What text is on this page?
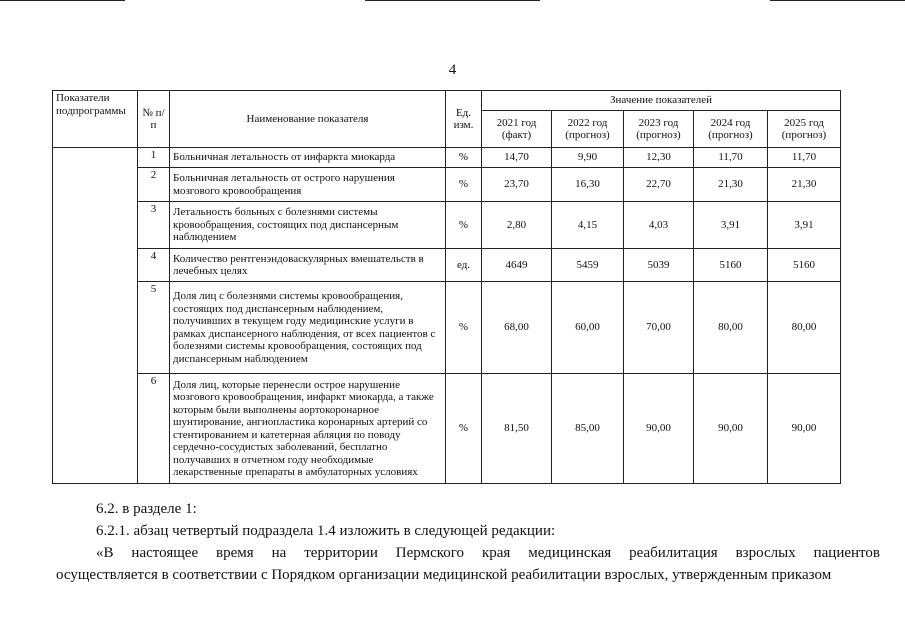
4
Показатели подпрограммы	№ п/п	Наименование показателя	Ед. изм.	Значение показателей				
				2021 год (факт)	2022 год (прогноз)	2023 год (прогноз)	2024 год (прогноз)	2025 год (прогноз)
	1	Больничная летальность от инфаркта миокарда	%	14,70	9,90	12,30	11,70	11,70
	2	Больничная летальность от острого нарушения мозгового кровообращения	%	23,70	16,30	22,70	21,30	21,30
	3	Летальность больных с болезнями системы кровообращения, состоящих под диспансерным наблюдением	%	2,80	4,15	4,03	3,91	3,91
	4	Количество рентгенэндоваскулярных вмешательств в лечебных целях	ед.	4649	5459	5039	5160	5160
	5	Доля лиц с болезнями системы кровообращения, состоящих под диспансерным наблюдением, получивших в текущем году медицинские услуги в рамках диспансерного наблюдения, от всех пациентов с болезнями системы кровообращения, состоящих под диспансерным наблюдением	%	68,00	60,00	70,00	80,00	80,00
	6	Доля лиц, которые перенесли острое нарушение мозгового кровообращения, инфаркт миокарда, а также которым были выполнены аортокоронарное шунтирование, ангиопластика коронарных артерий со стентированием и катетерная абляция по поводу сердечно-сосудистых заболеваний, бесплатно получавших в отчетном году необходимые лекарственные препараты в амбулаторных условиях	%	81,50	85,00	90,00	90,00	90,00
6.2. в разделе 1:
6.2.1. абзац четвертый подраздела 1.4 изложить в следующей редакции:
«В настоящее время на территории Пермского края медицинская реабилитация взрослых пациентов
осуществляется в соответствии с Порядком организации медицинской реабилитации взрослых, утвержденным приказом
